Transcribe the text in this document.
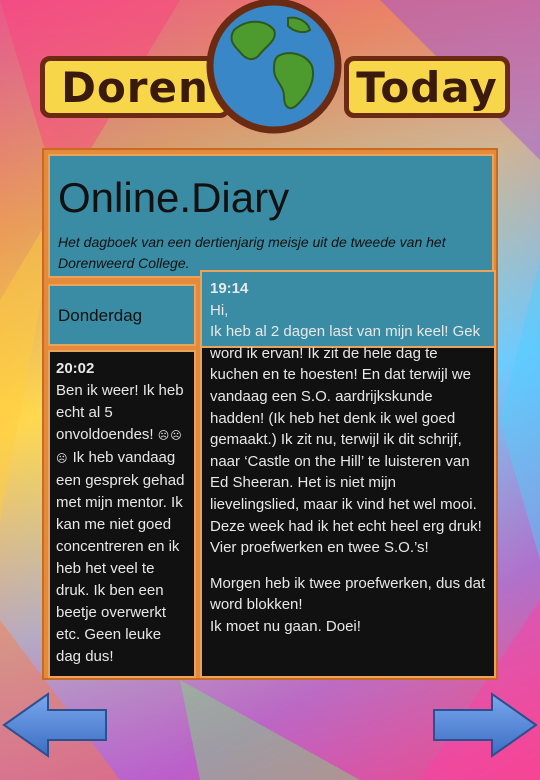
Doren	Today
Online.Diary
Het dagboek van een dertienjarig meisje uit de tweede van het Dorenweerd College.
Donderdag
20:02
Ben ik weer! Ik heb echt al 5 onvoldoendes! ☹☹☹ Ik heb vandaag een gesprek gehad met mijn mentor. Ik kan me niet goed concentreren en ik heb het veel te druk. Ik ben een beetje overwerkt etc. Geen leuke dag dus!
19:14

Hi,

Ik heb al 2 dagen last van mijn keel! Gek word ik ervan! Ik zit de hele dag te kuchen en te hoesten! En dat terwijl we vandaag een S.O. aardrijkskunde hadden! (Ik heb het denk ik wel goed gemaakt.) Ik zit nu, terwijl ik dit schrijf, naar ‘Castle on the Hill’ te luisteren van Ed Sheeran. Het is niet mijn lievelingslied, maar ik vind het wel mooi.

Deze week had ik het echt heel erg druk! Vier proefwerken en twee S.O.’s!

Morgen heb ik twee proefwerken, dus dat word blokken!

Ik moet nu gaan. Doei!
